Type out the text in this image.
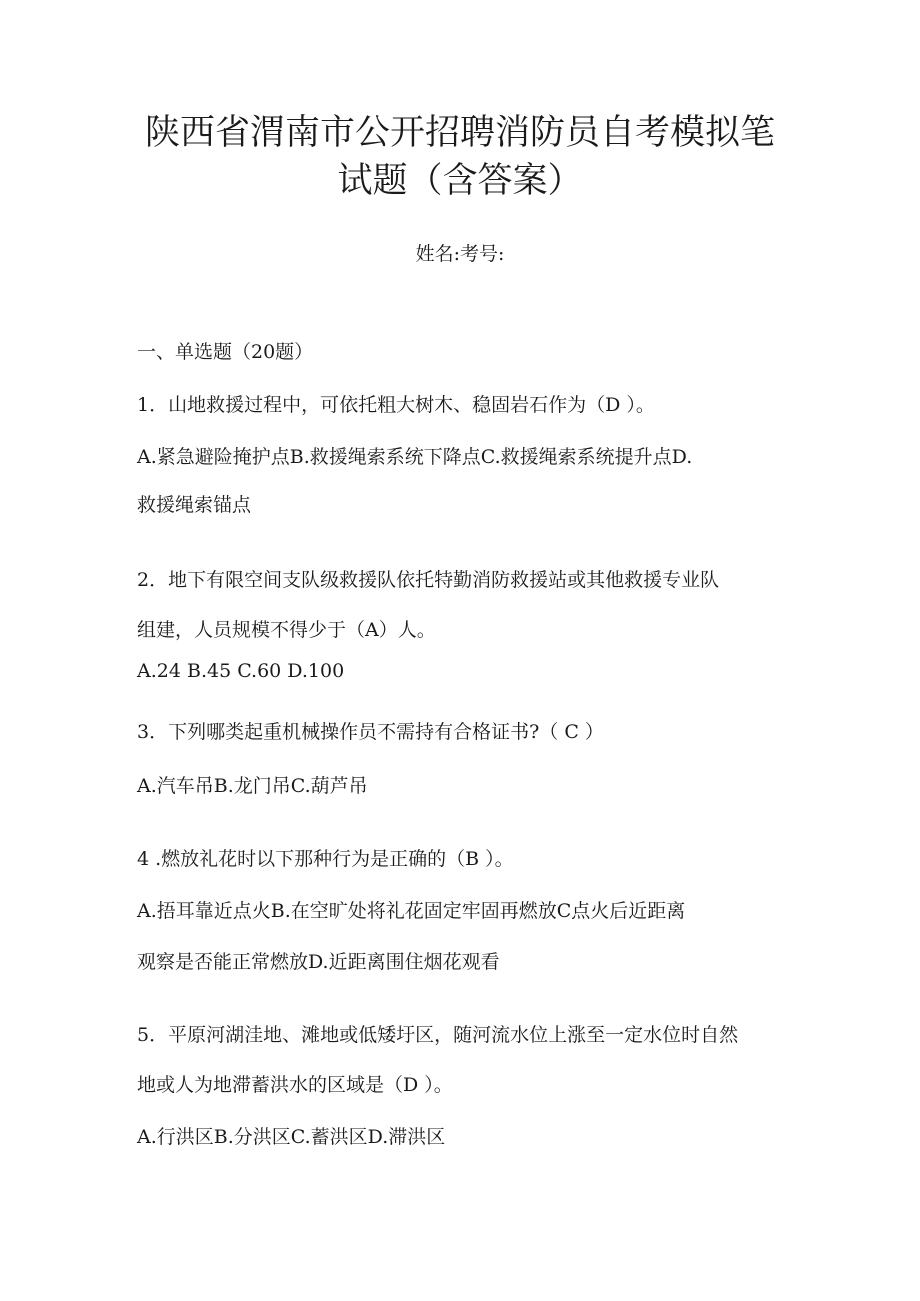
陕西省渭南市公开招聘消防员自考模拟笔
试题（含答案）
姓名:考号:
一、单选题（20题）
1．山地救援过程中，可依托粗大树木、稳固岩石作为（D ）。
A.紧急避险掩护点B.救援绳索系统下降点C.救援绳索系统提升点D.
救援绳索锚点
2．地下有限空间支队级救援队依托特勤消防救援站或其他救援专业队
组建，人员规模不得少于（A）人。
A.24 B.45 C.60 D.100
3．下列哪类起重机械操作员不需持有合格证书?（ C ）
A.汽车吊B.龙门吊C.葫芦吊
4 .燃放礼花时以下那种行为是正确的（B ）。
A.捂耳靠近点火B.在空旷处将礼花固定牢固再燃放C点火后近距离
观察是否能正常燃放D.近距离围住烟花观看
5．平原河湖洼地、滩地或低矮圩区，随河流水位上涨至一定水位时自然
地或人为地滞蓄洪水的区域是（D ）。
A.行洪区B.分洪区C.蓄洪区D.滞洪区
